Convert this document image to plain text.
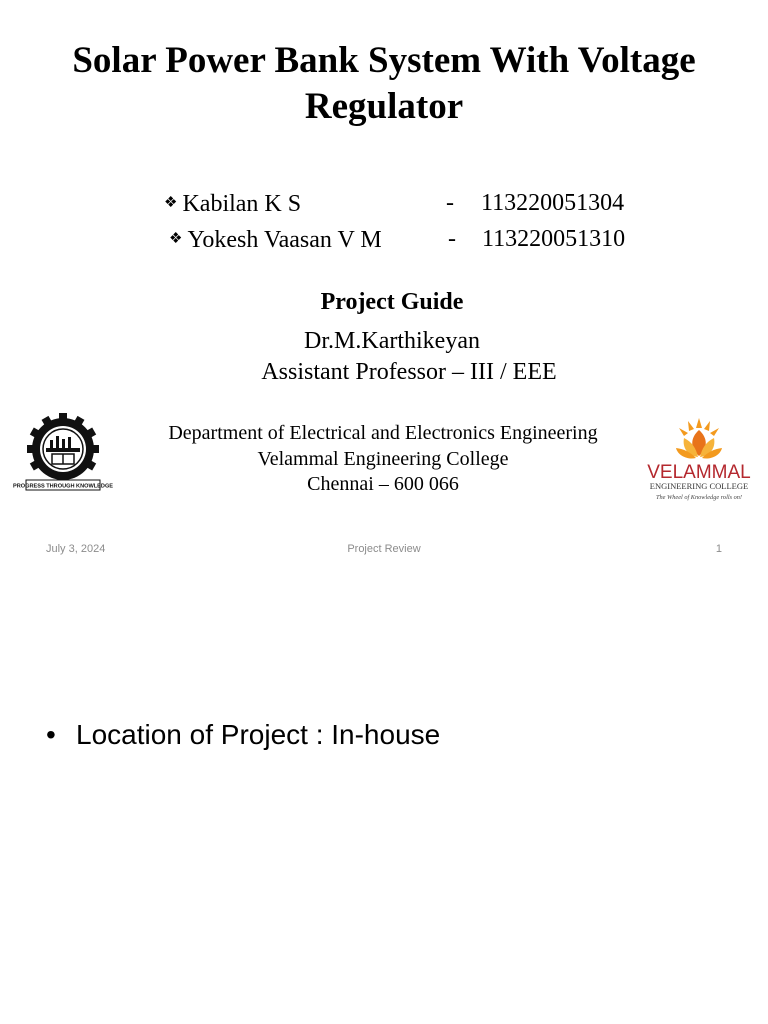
Solar Power Bank System With Voltage Regulator
❖ Kabilan K S	- 113220051304
❖ Yokesh Vaasan V M	- 113220051310
Project Guide
Dr.M.Karthikeyan
Assistant Professor – III / EEE
Department of Electrical and Electronics Engineering
Velammal Engineering College
Chennai – 600 066
PROGRESS THROUGH KNOWLEDGE
VELAMMAL
ENGINEERING COLLEGE
The Wheel of Knowledge rolls on!
July 3, 2024	Project Review	1
• Location of Project : In-house
